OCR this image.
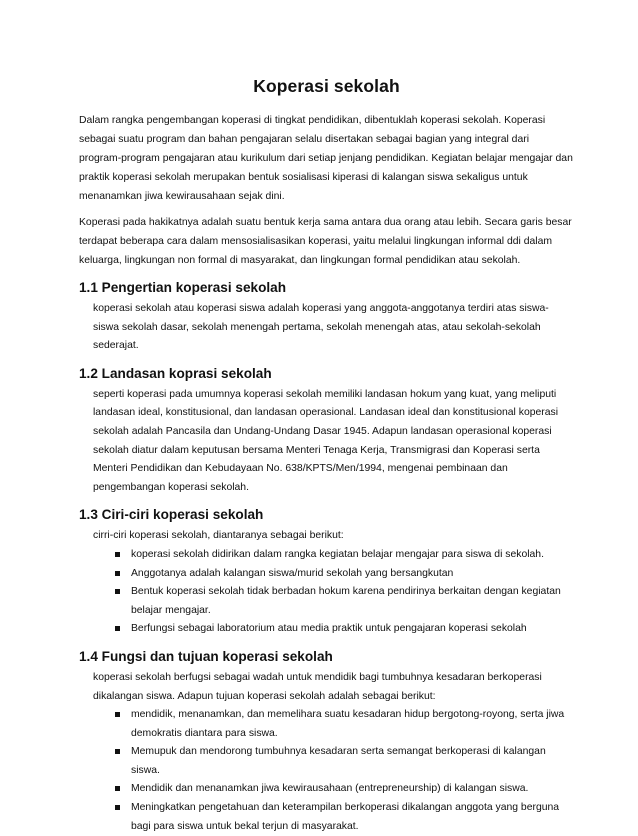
Koperasi sekolah

Dalam rangka pengembangan koperasi di tingkat pendidikan, dibentuklah koperasi sekolah. Koperasi sebagai suatu program dan bahan pengajaran selalu disertakan sebagai bagian yang integral dari program-program pengajaran atau kurikulum dari setiap jenjang pendidikan. Kegiatan belajar mengajar dan praktik koperasi sekolah merupakan bentuk sosialisasi kiperasi di kalangan siswa sekaligus untuk menanamkan jiwa kewirausahaan sejak dini.

Koperasi pada hakikatnya adalah suatu bentuk kerja sama antara dua orang atau lebih. Secara garis besar terdapat beberapa cara dalam mensosialisasikan koperasi, yaitu melalui lingkungan informal ddi dalam keluarga, lingkungan non formal di masyarakat, dan lingkungan formal pendidikan atau sekolah.

1.1 Pengertian koperasi sekolah

koperasi sekolah atau koperasi siswa adalah koperasi yang anggota-anggotanya terdiri atas siswa-siswa sekolah dasar, sekolah menengah pertama, sekolah menengah atas, atau sekolah-sekolah sederajat.

1.2 Landasan koprasi sekolah

seperti koperasi pada umumnya koperasi sekolah memiliki landasan hokum yang kuat, yang meliputi landasan ideal, konstitusional, dan landasan operasional. Landasan ideal dan konstitusional koperasi sekolah adalah Pancasila dan Undang-Undang Dasar 1945. Adapun landasan operasional koperasi sekolah diatur dalam keputusan bersama Menteri Tenaga Kerja, Transmigrasi dan Koperasi serta Menteri Pendidikan dan Kebudayaan No. 638/KPTS/Men/1994, mengenai pembinaan dan pengembangan koperasi sekolah.

1.3 Ciri-ciri koperasi sekolah

cirri-ciri koperasi sekolah, diantaranya sebagai berikut:

koperasi sekolah didirikan dalam rangka kegiatan belajar mengajar para siswa di sekolah.
Anggotanya adalah kalangan siswa/murid sekolah yang bersangkutan
Bentuk koperasi sekolah tidak berbadan hokum karena pendirinya berkaitan dengan kegiatan belajar mengajar.
Berfungsi sebagai laboratorium atau media praktik untuk pengajaran koperasi sekolah
1.4 Fungsi dan tujuan koperasi sekolah

koperasi sekolah berfugsi sebagai wadah untuk mendidik bagi tumbuhnya kesadaran berkoperasi dikalangan siswa. Adapun tujuan koperasi sekolah adalah sebagai berikut:

mendidik, menanamkan, dan memelihara suatu kesadaran hidup bergotong-royong, serta jiwa demokratis diantara para siswa.
Memupuk dan mendorong tumbuhnya kesadaran serta semangat berkoperasi di kalangan siswa.
Mendidik dan menanamkan jiwa kewirausahaan (entrepreneurship) di kalangan siswa.
Meningkatkan pengetahuan dan keterampilan berkoperasi dikalangan anggota yang berguna bagi para siswa untuk bekal terjun di masyarakat.
